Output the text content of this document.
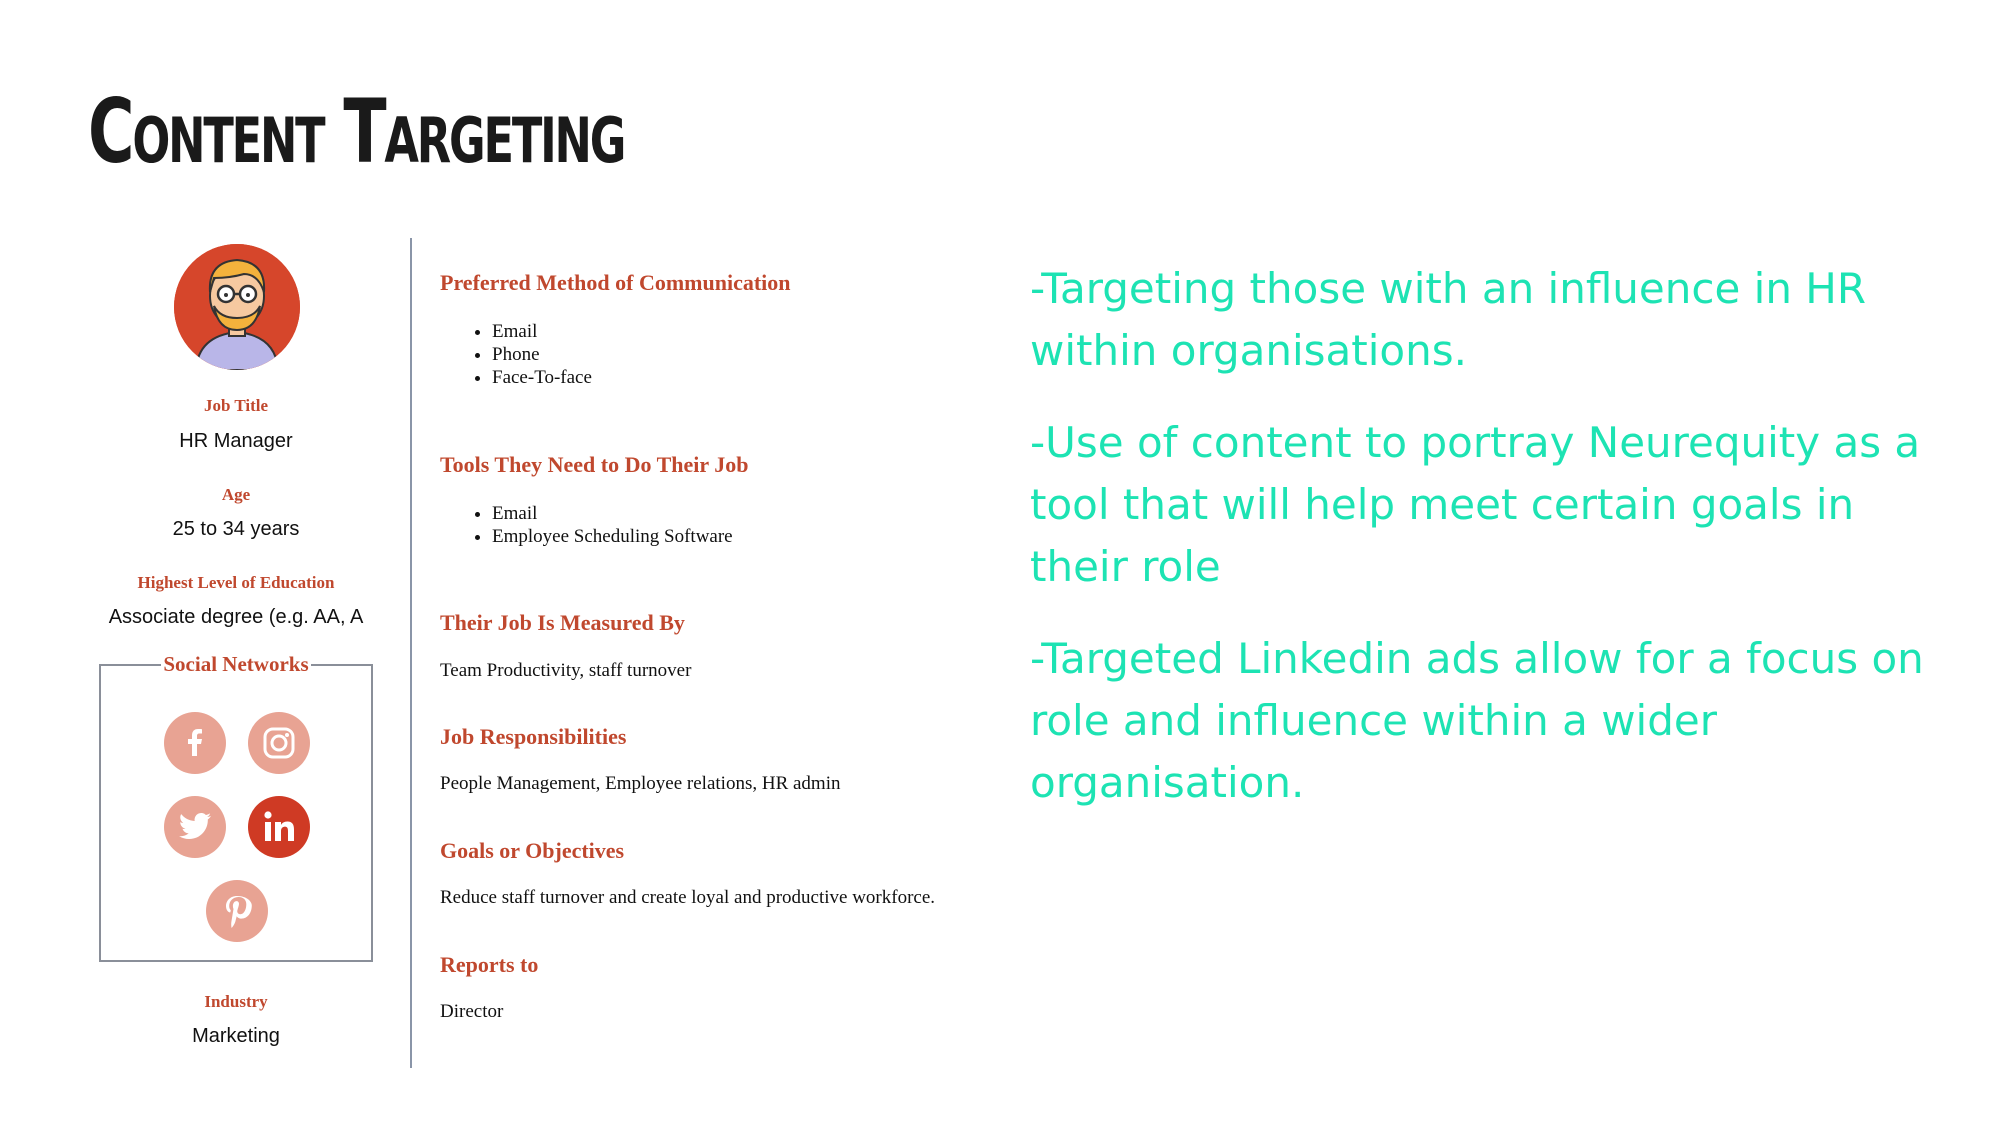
Content Targeting
Job Title
HR Manager
Age
25 to 34 years
Highest Level of Education
Associate degree (e.g. AA, A
Social Networks
Industry
Marketing
Preferred Method of Communication
• Email
• Phone
• Face-To-face
Tools They Need to Do Their Job
• Email
• Employee Scheduling Software
Their Job Is Measured By
Team Productivity, staff turnover
Job Responsibilities
People Management, Employee relations, HR admin
Goals or Objectives
Reduce staff turnover and create loyal and productive workforce.
Reports to
Director

-Targeting those with an influence in HR within organisations.

-Use of content to portray Neurequity as a tool that will help meet certain goals in their role

-Targeted Linkedin ads allow for a focus on role and influence within a wider organisation.
